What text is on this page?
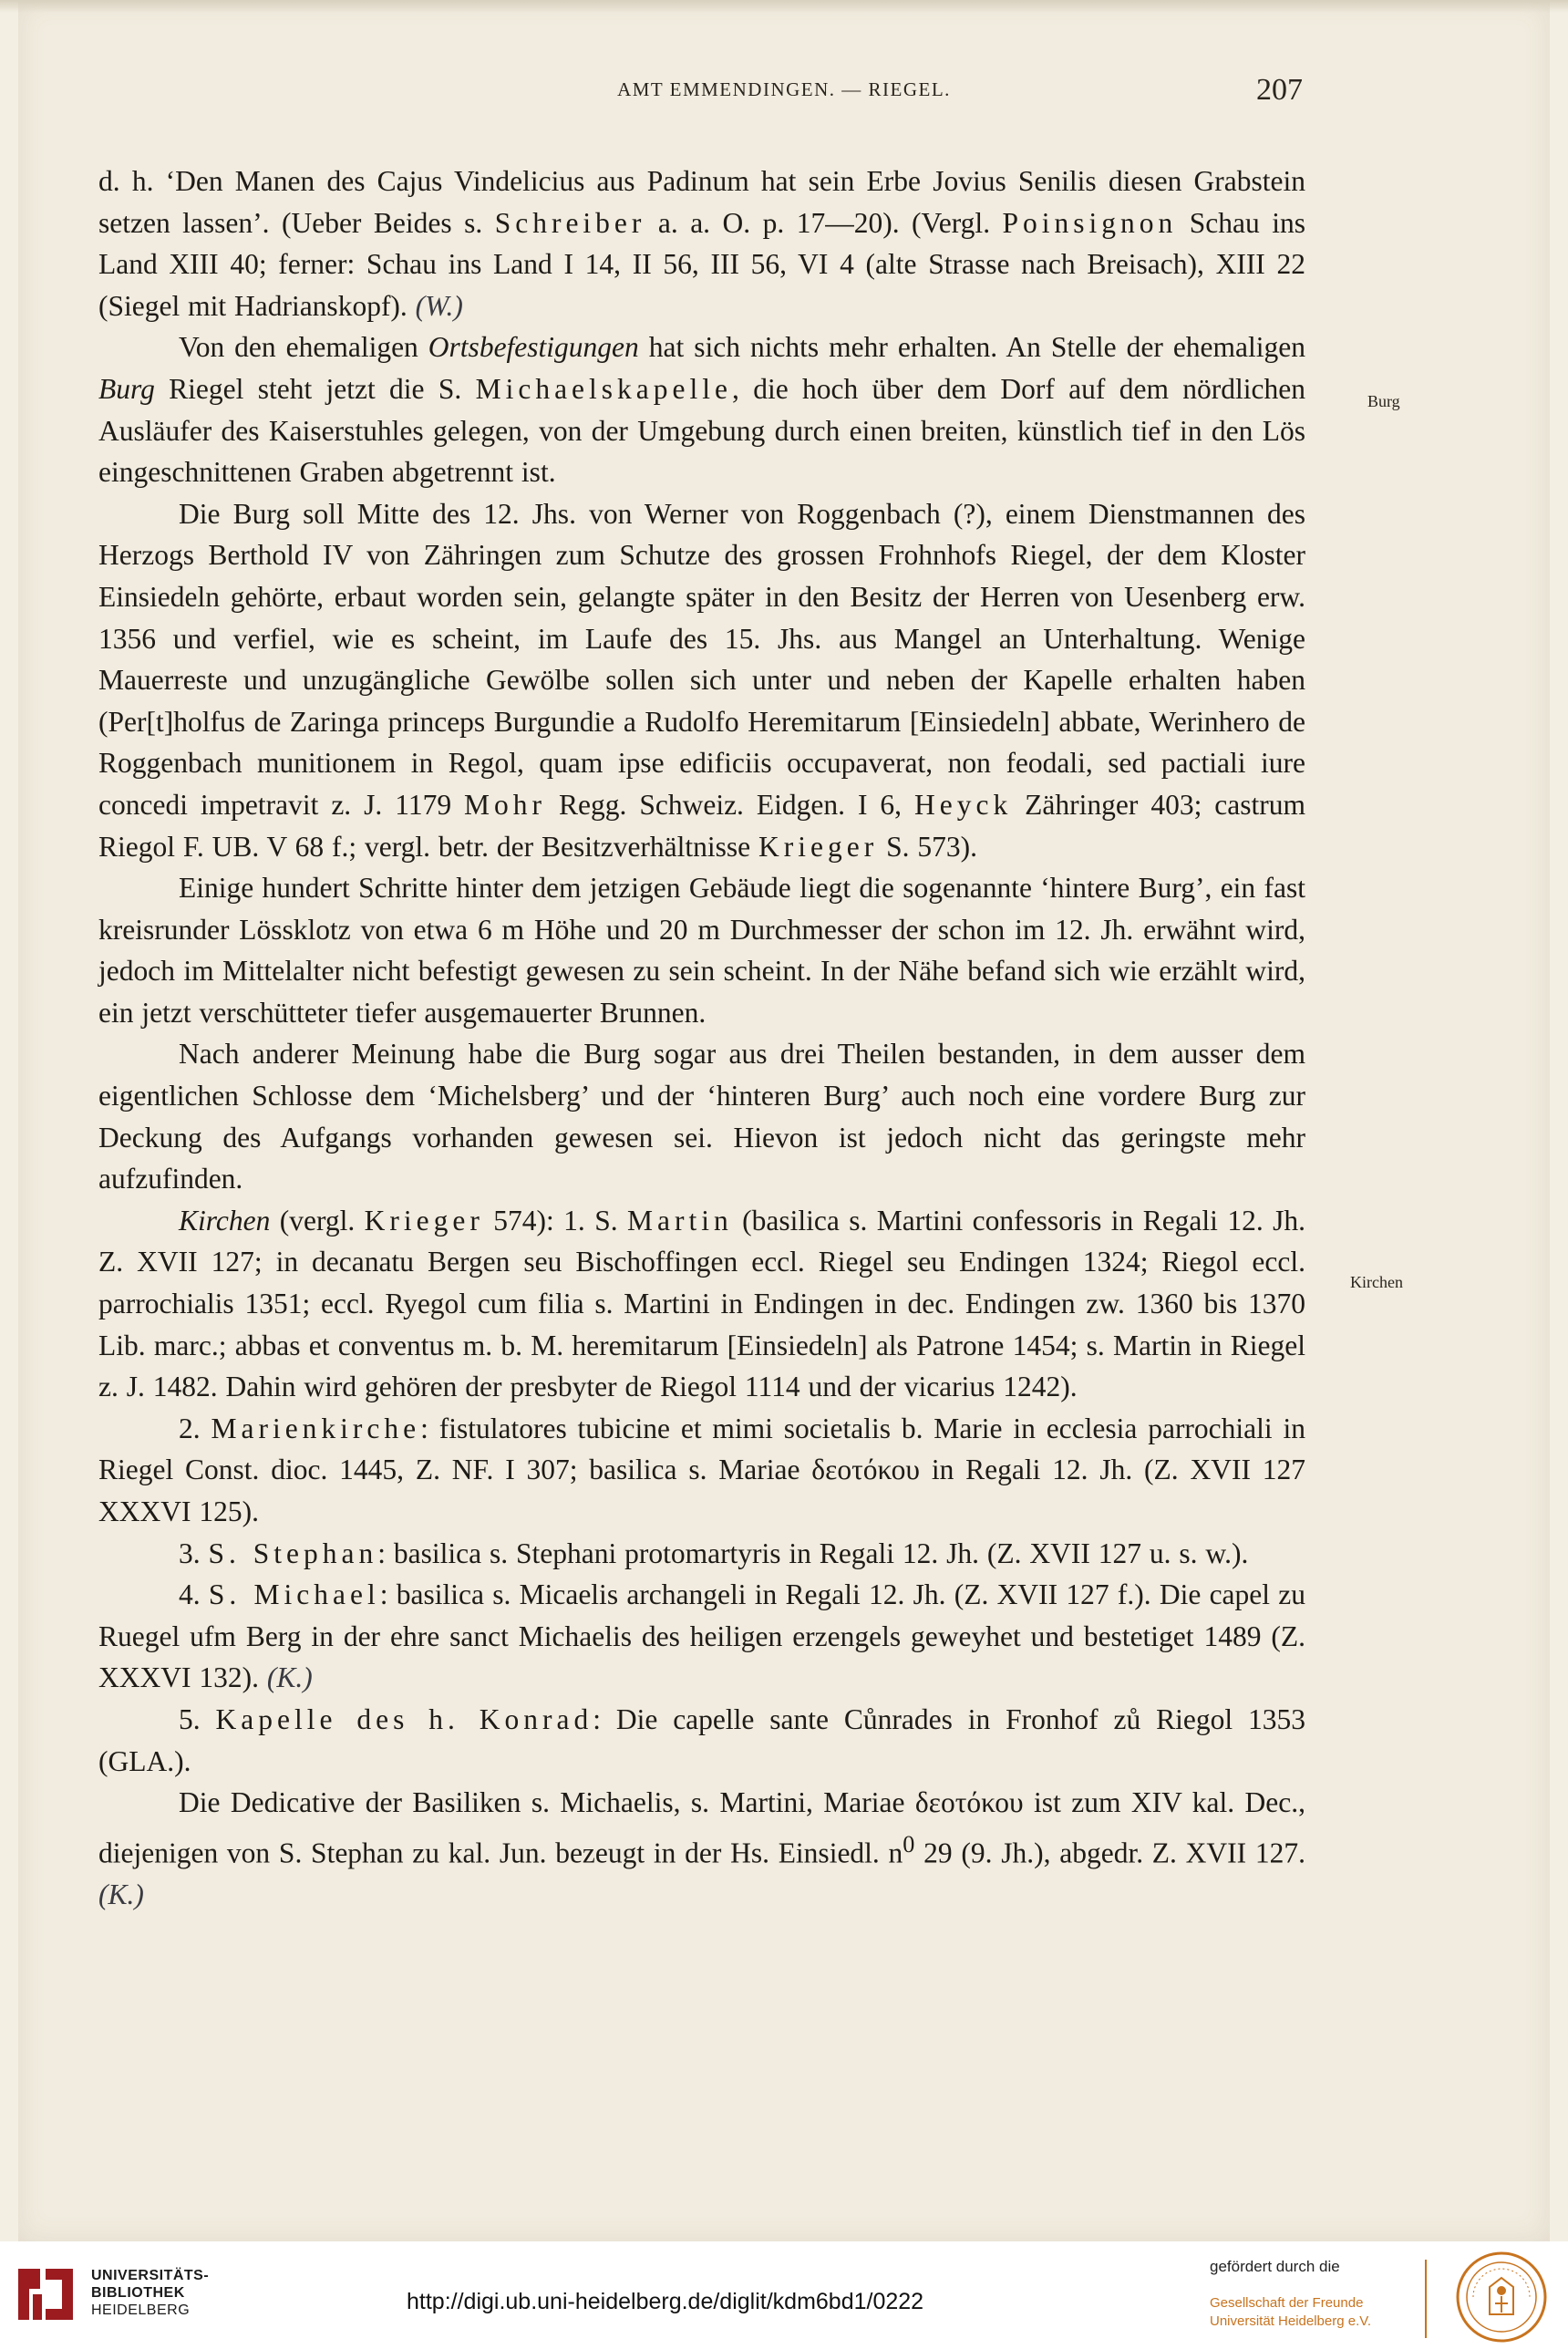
AMT EMMENDINGEN. — RIEGEL.	207
Burg
Kirchen

d. h. ‘Den Manen des Cajus Vindelicius aus Padinum hat sein Erbe Jovius Senilis diesen Grabstein setzen lassen’. (Ueber Beides s. Schreiber a. a. O. p. 17—20). (Vergl. Poinsignon Schau ins Land XIII 40; ferner: Schau ins Land I 14, II 56, III 56, VI 4 (alte Strasse nach Breisach), XIII 22 (Siegel mit Hadrianskopf). (W.)

Von den ehemaligen Ortsbefestigungen hat sich nichts mehr erhalten. An Stelle der ehemaligen Burg Riegel steht jetzt die S. Michaelskapelle, die hoch über dem Dorf auf dem nördlichen Ausläufer des Kaiserstuhles gelegen, von der Umgebung durch einen breiten, künstlich tief in den Lös eingeschnittenen Graben abgetrennt ist.

Die Burg soll Mitte des 12. Jhs. von Werner von Roggenbach (?), einem Dienstmannen des Herzogs Berthold IV von Zähringen zum Schutze des grossen Frohnhofs Riegel, der dem Kloster Einsiedeln gehörte, erbaut worden sein, gelangte später in den Besitz der Herren von Uesenberg erw. 1356 und verfiel, wie es scheint, im Laufe des 15. Jhs. aus Mangel an Unterhaltung. Wenige Mauerreste und unzugängliche Gewölbe sollen sich unter und neben der Kapelle erhalten haben (Per[t]holfus de Zaringa princeps Burgundie a Rudolfo Heremitarum [Einsiedeln] abbate, Werinhero de Roggenbach munitionem in Regol, quam ipse edificiis occupaverat, non feodali, sed pactiali iure concedi impetravit z. J. 1179 Mohr Regg. Schweiz. Eidgen. I 6, Heyck Zähringer 403; castrum Riegol F. UB. V 68 f.; vergl. betr. der Besitzverhältnisse Krieger S. 573).

Einige hundert Schritte hinter dem jetzigen Gebäude liegt die sogenannte ‘hintere Burg’, ein fast kreisrunder Lössklotz von etwa 6 m Höhe und 20 m Durchmesser der schon im 12. Jh. erwähnt wird, jedoch im Mittelalter nicht befestigt gewesen zu sein scheint. In der Nähe befand sich wie erzählt wird, ein jetzt verschütteter tiefer ausgemauerter Brunnen.

Nach anderer Meinung habe die Burg sogar aus drei Theilen bestanden, in dem ausser dem eigentlichen Schlosse dem ‘Michelsberg’ und der ‘hinteren Burg’ auch noch eine vordere Burg zur Deckung des Aufgangs vorhanden gewesen sei. Hievon ist jedoch nicht das geringste mehr aufzufinden.

Kirchen (vergl. Krieger 574): 1. S. Martin (basilica s. Martini confessoris in Regali 12. Jh. Z. XVII 127; in decanatu Bergen seu Bischoffingen eccl. Riegel seu Endingen 1324; Riegol eccl. parrochialis 1351; eccl. Ryegol cum filia s. Martini in Endingen in dec. Endingen zw. 1360 bis 1370 Lib. marc.; abbas et conventus m. b. M. heremitarum [Einsiedeln] als Patrone 1454; s. Martin in Riegel z. J. 1482. Dahin wird gehören der presbyter de Riegol 1114 und der vicarius 1242).

2. Marienkirche: fistulatores tubicine et mimi societalis b. Marie in ecclesia parrochiali in Riegel Const. dioc. 1445, Z. NF. I 307; basilica s. Mariae δεοτόκου in Regali 12. Jh. (Z. XVII 127 XXXVI 125).

3. S. Stephan: basilica s. Stephani protomartyris in Regali 12. Jh. (Z. XVII 127 u. s. w.).

4. S. Michael: basilica s. Micaelis archangeli in Regali 12. Jh. (Z. XVII 127 f.). Die capel zu Ruegel ufm Berg in der ehre sanct Michaelis des heiligen erzengels geweyhet und bestetiget 1489 (Z. XXXVI 132). (K.)

5. Kapelle des h. Konrad: Die capelle sante Cůnrades in Fronhof zů Riegol 1353 (GLA.).

Die Dedicative der Basiliken s. Michaelis, s. Martini, Mariae δεοτόκου ist zum XIV kal. Dec., diejenigen von S. Stephan zu kal. Jun. bezeugt in der Hs. Einsiedl. $n^0$ 29 (9. Jh.), abgedr. Z. XVII 127. (K.)

UNIVERSITÄTS-
BIBLIOTHEK
HEIDELBERG	http://digi.ub.uni-heidelberg.de/diglit/kdm6bd1/0222
gefördert durch die
Gesellschaft der Freunde
Universität Heidelberg e.V.
